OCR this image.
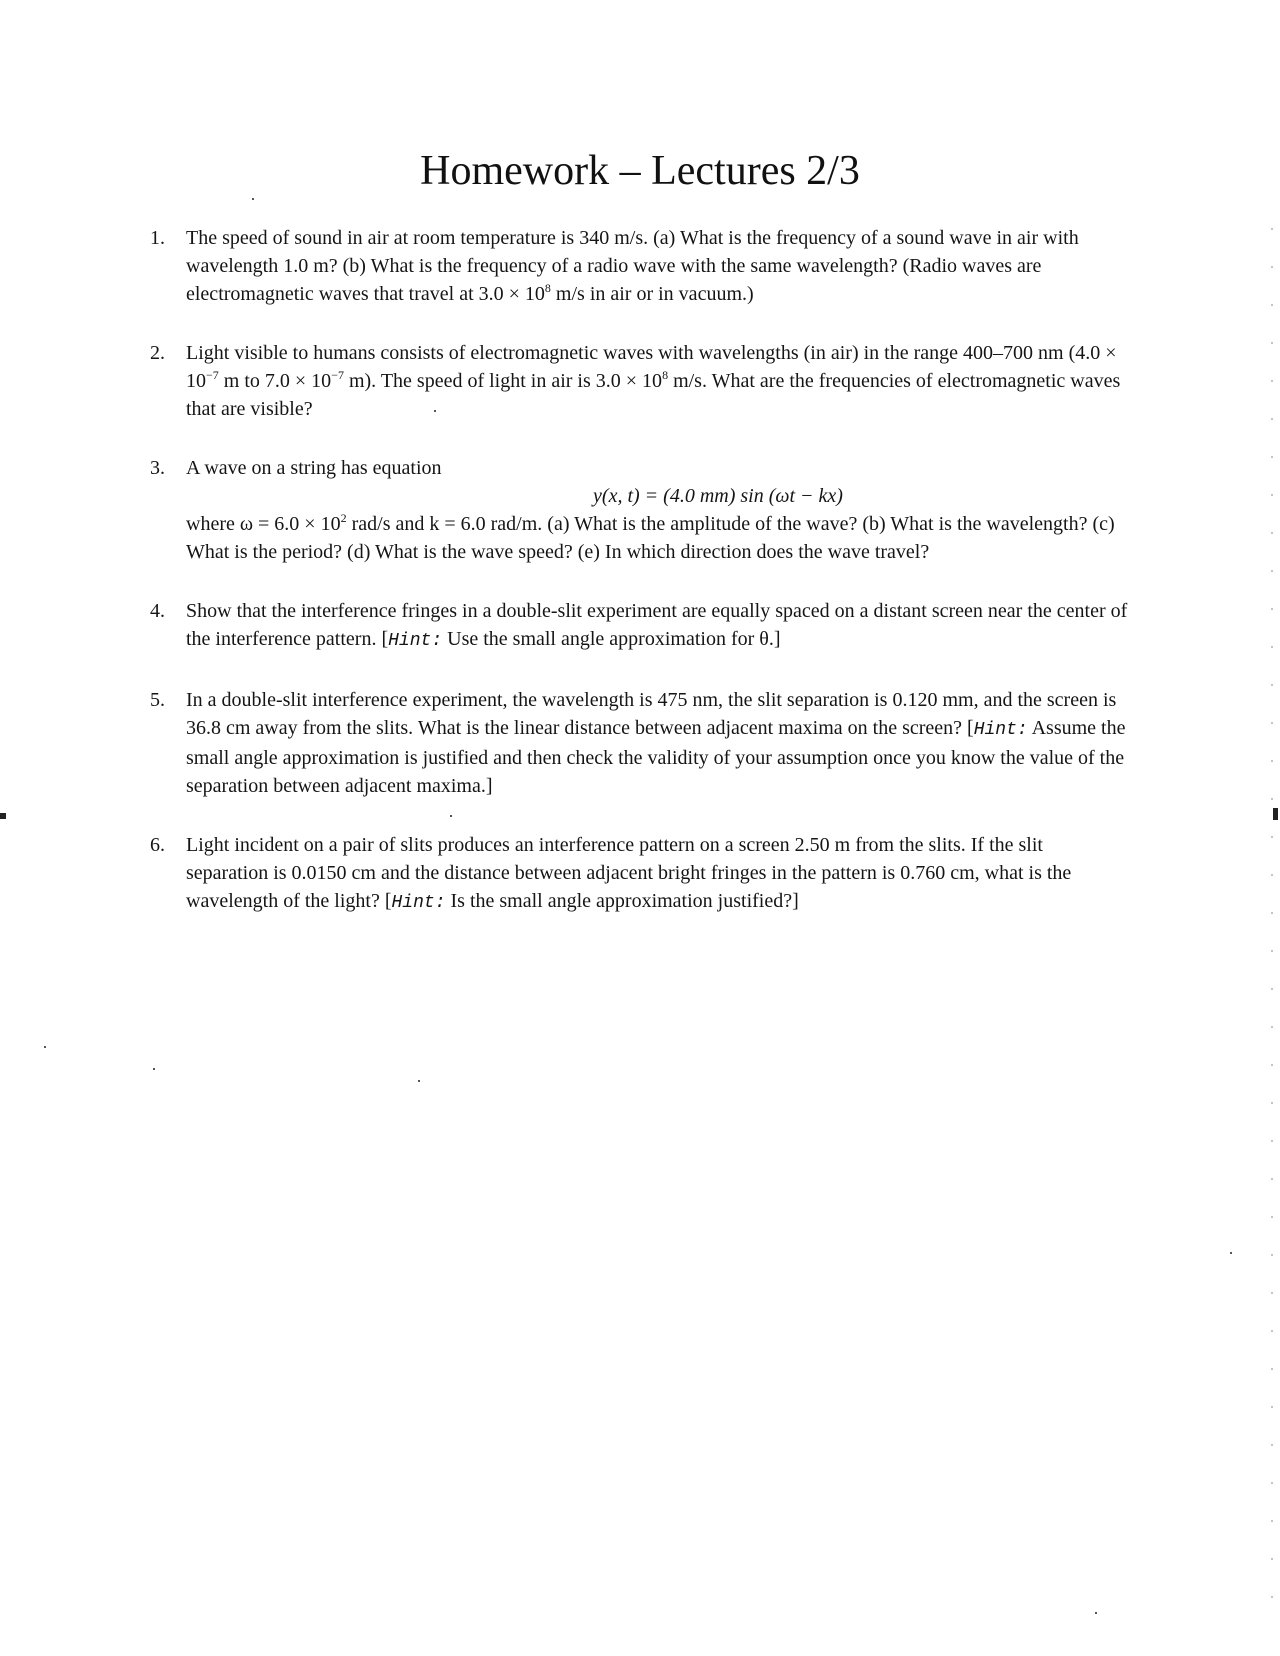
Homework – Lectures 2/3
1.	The speed of sound in air at room temperature is 340 m/s. (a) What is the frequency of a sound wave in air with wavelength 1.0 m? (b) What is the frequency of a radio wave with the same wavelength? (Radio waves are electromagnetic waves that travel at $3.0 \times 10^8$ m/s in air or in vacuum.)
2.	Light visible to humans consists of electromagnetic waves with wavelengths (in air) in the range 400–700 nm ($4.0 \times 10^{-7}$ m to $7.0 \times 10^{-7}$ m). The speed of light in air is $3.0 \times 10^8$ m/s. What are the frequencies of electromagnetic waves that are visible?
3.	A wave on a string has equation
y(x, t) = (4.0 mm) sin (ωt − kx)
where $\omega = 6.0 \times 10^2$ rad/s and k = 6.0 rad/m. (a) What is the amplitude of the wave? (b) What is the wavelength? (c) What is the period? (d) What is the wave speed? (e) In which direction does the wave travel?
4.	Show that the interference fringes in a double-slit experiment are equally spaced on a distant screen near the center of the interference pattern. [Hint: Use the small angle approximation for θ.]
5.	In a double-slit interference experiment, the wavelength is 475 nm, the slit separation is 0.120 mm, and the screen is 36.8 cm away from the slits. What is the linear distance between adjacent maxima on the screen? [Hint: Assume the small angle approximation is justified and then check the validity of your assumption once you know the value of the separation between adjacent maxima.]
6.	Light incident on a pair of slits produces an interference pattern on a screen 2.50 m from the slits. If the slit separation is 0.0150 cm and the distance between adjacent bright fringes in the pattern is 0.760 cm, what is the wavelength of the light? [Hint: Is the small angle approximation justified?]
